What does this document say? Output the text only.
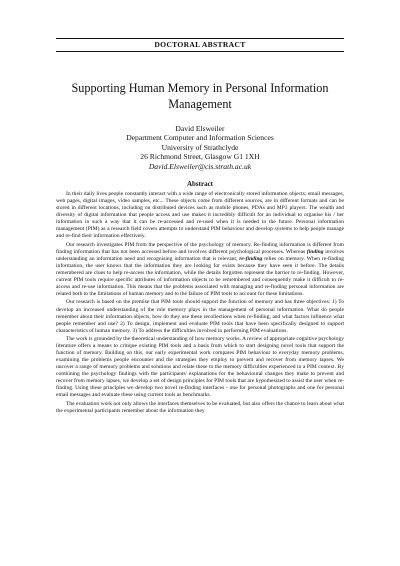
DOCTORAL ABSTRACT
Supporting Human Memory in Personal Information Management
David Elsweiler
Department Computer and Information Sciences
University of Strathclyde
26 Richmond Street, Glasgow G1 1XH
David.Elsweiler@cis.strath.ac.uk
Abstract

In their daily lives people constantly interact with a wide range of electronically stored information objects; email messages, web pages, digital images, video samples, etc... These objects come from different sources, are in different formats and can be stored in different locations, including on distributed devices such as mobile phones, PDAs and MP3 players. The wealth and diversity of digital information that people access and use makes it incredibly difficult for an individual to organise his / her information in such a way that it can be re-accessed and re-used when it is needed in the future. Personal information management (PIM) as a research field covers attempts to understand PIM behaviour and develop systems to help people manage and re-find their information effectively.

Our research investigates PIM from the perspective of the psychology of memory. Re-finding information is different from finding information that has not been accessed before and involves different psychological processes. Whereas finding involves understanding an information need and recognising information that is relevant, re-finding relies on memory. When re-finding information, the user knows that the information they are looking for exists because they have seen it before. The details remembered are clues to help re-access the information, while the details forgotten represent the barrier to re-finding. However, current PIM tools require specific attributes of information objects to be remembered and consequently make it difficult to re-access and re-use information. This means that the problems associated with managing and re-finding personal information are related both to the limitations of human memory and to the failure of PIM tools to account for these limitations.

Our research is based on the premise that PIM tools should support the function of memory and has three objectives: 1) To develop an increased understanding of the role memory plays in the management of personal information. What do people remember about their information objects, how do they use these recollections when re-finding, and what factors influence what people remember and use? 2) To design, implement and evaluate PIM tools that have been specifically designed to support characteristics of human memory. 3) To address the difficulties involved in performing PIM evaluations.

The work is grounded by the theoretical understanding of how memory works. A review of appropriate cognitive psychology literature offers a means to critique existing PIM tools and a basis from which to start designing novel tools that support the function of memory. Building on this, our early experimental work compares PIM behaviour to everyday memory problems, examining the problems people encounter and the strategies they employ to prevent and recover from memory lapses. We uncover a range of memory problems and solutions and relate these to the memory difficulties experienced in a PIM context. By combining the psychology findings with the participants' explanations for the behavioural changes they make to prevent and recover from memory lapses, we develop a set of design principles for PIM tools that are hypothesized to assist the user when re-finding. Using these principles we develop two novel re-finding interfaces - one for personal photographs and one for personal email messages and evaluate these using current tools as benchmarks.

The evaluation work not only allows the interfaces themselves to be evaluated, but also offers the chance to learn about what the experimental participants remember about the information they
